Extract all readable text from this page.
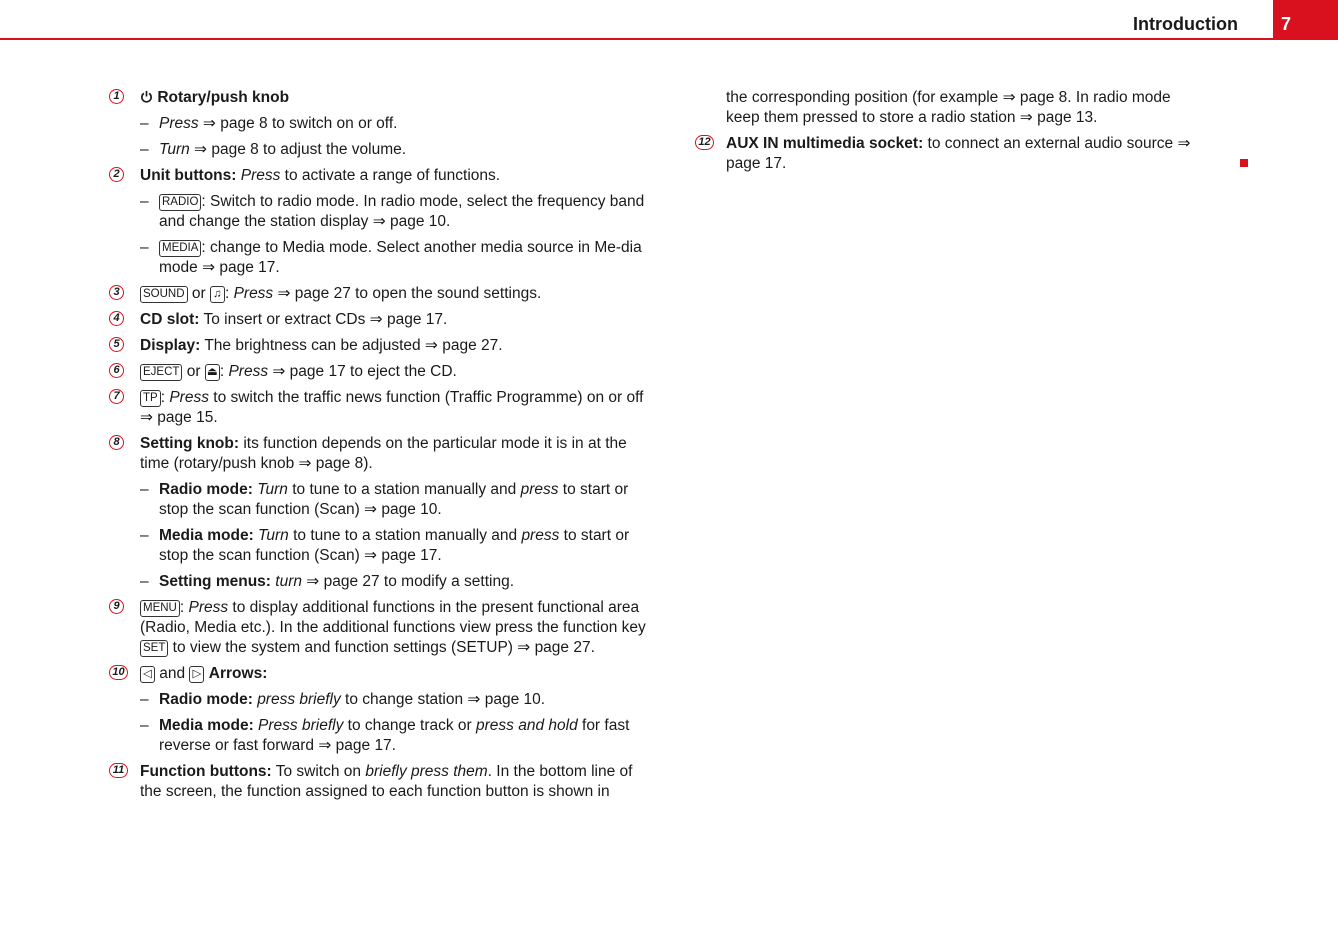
Introduction 7
1 Rotary/push knob
– Press ⇒ page 8 to switch on or off.
– Turn ⇒ page 8 to adjust the volume.
2 Unit buttons: Press to activate a range of functions.
– RADIO : Switch to radio mode. In radio mode, select the frequency band and change the station display ⇒ page 10.
– MEDIA : change to Media mode. Select another media source in Me-dia mode ⇒ page 17.
3	SOUND or ♫ : Press ⇒ page 27 to open the sound settings.
4 CD slot: To insert or extract CDs ⇒ page 17.
5 Display: The brightness can be adjusted ⇒ page 27.
6	EJECT or ⏏ : Press ⇒ page 17 to eject the CD.
7	TP : Press to switch the traffic news function (Traffic Programme) on or off ⇒ page 15.
8 Setting knob: its function depends on the particular mode it is in at the time (rotary/push knob ⇒ page 8).
– Radio mode: Turn to tune to a station manually and press to start or stop the scan function (Scan) ⇒ page 10.
– Media mode: Turn to tune to a station manually and press to start or stop the scan function (Scan) ⇒ page 17.
– Setting menus: turn ⇒ page 27 to modify a setting.
9	MENU : Press to display additional functions in the present functional area (Radio, Media etc.). In the additional functions view press the function key SET to view the system and function settings (SETUP) ⇒ page 27.
10 ◁ and ▷ Arrows:
– Radio mode: press briefly to change station ⇒ page 10.
– Media mode: Press briefly to change track or press and hold for fast reverse or fast forward ⇒ page 17.
11 Function buttons: To switch on briefly press them. In the bottom line of the screen, the function assigned to each function button is shown in
the corresponding position (for example ⇒ page 8. In radio mode keep them pressed to store a radio station ⇒ page 13.
12 AUX IN multimedia socket: to connect an external audio source ⇒ page 17.
